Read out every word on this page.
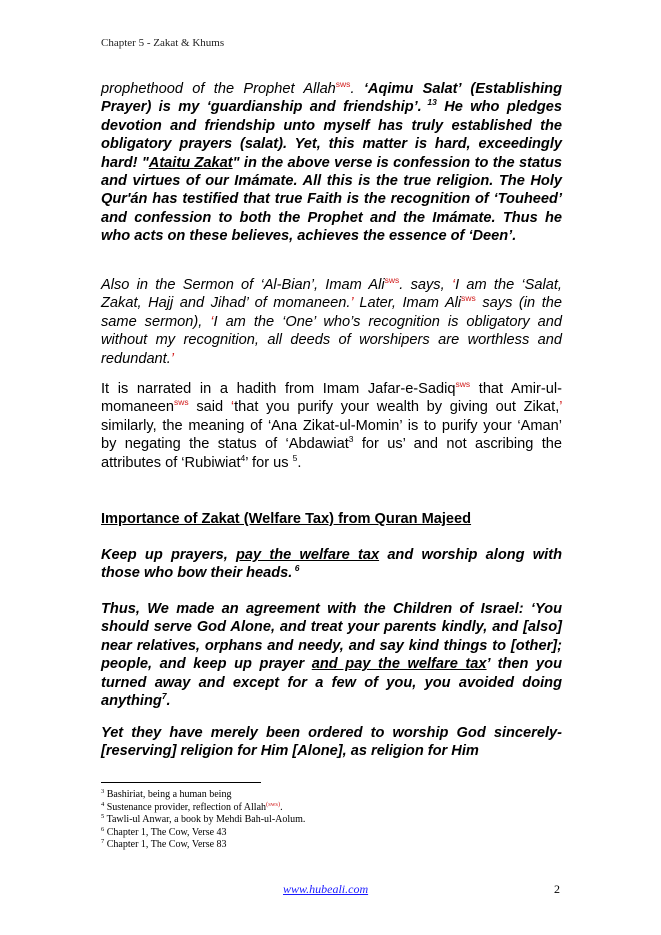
Chapter 5 - Zakat & Khums

prophethood of the Prophet Allah$^{sws}$. ‘Aqimu Salat’ (Establishing Prayer) is my ‘guardianship and friendship’. $^{13}$ He who pledges devotion and friendship unto myself has truly established the obligatory prayers (salat). Yet, this matter is hard, exceedingly hard! "Ataitu Zakat" in the above verse is confession to the status and virtues of our Imámate. All this is the true religion. The Holy Qur'án has testified that true Faith is the recognition of ‘Touheed’ and confession to both the Prophet and the Imámate. Thus he who acts on these believes, achieves the essence of ‘Deen’.

Also in the Sermon of ‘Al-Bian’, Imam Ali$^{sws}$. says, ‘I am the ‘Salat, Zakat, Hajj and Jihad’ of momaneen.’ Later, Imam Ali$^{sws}$ says (in the same sermon), ‘I am the ‘One’ who’s recognition is obligatory and without my recognition, all deeds of worshipers are worthless and redundant.’

It is narrated in a hadith from Imam Jafar-e-Sadiq$^{sws}$ that Amir-ul-momaneen$^{sws}$ said ‘that you purify your wealth by giving out Zikat,’ similarly, the meaning of ‘Ana Zikat-ul-Momin’ is to purify your ‘Aman’ by negating the status of ‘Abdawiat$^3$ for us’ and not ascribing the attributes of ‘Rubiwiat$^4$’ for us $^5$.

Importance of Zakat (Welfare Tax) from Quran Majeed

Keep up prayers, pay the welfare tax and worship along with those who bow their heads. $^6$

Thus, We made an agreement with the Children of Israel: ‘You should serve God Alone, and treat your parents kindly, and [also] near relatives, orphans and needy, and say kind things to [other]; people, and keep up prayer and pay the welfare tax’ then you turned away and except for a few of you, you avoided doing anything$^7$.

Yet they have merely been ordered to worship God sincerely-[reserving] religion for Him [Alone], as religion for Him

$^3$ Bashiriat, being a human being
$^4$ Sustenance provider, reflection of Allah$^{(sws)}$.
$^5$ Tawli-ul Anwar, a book by Mehdi Bah-ul-Aolum.
$^6$ Chapter 1, The Cow, Verse 43
$^7$ Chapter 1, The Cow, Verse 83
www.hubeali.com	2
